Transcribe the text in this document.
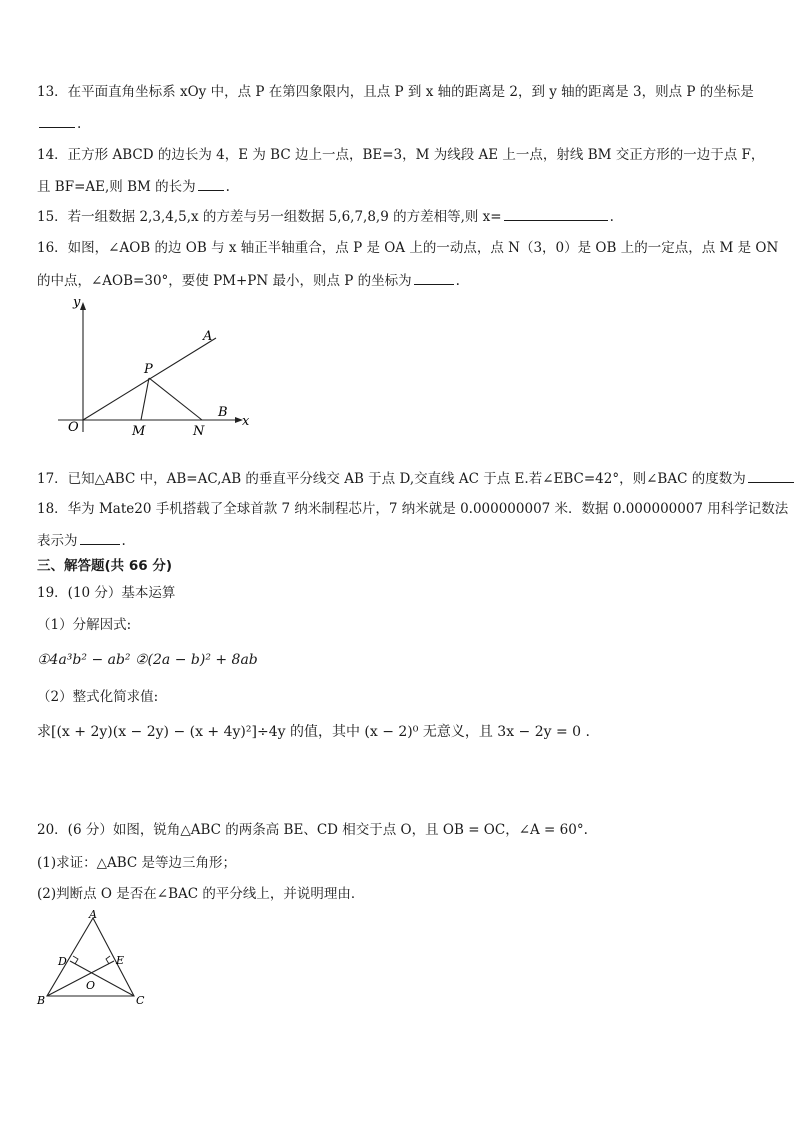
13．在平面直角坐标系 xOy 中，点 P 在第四象限内，且点 P 到 x 轴的距离是 2，到 y 轴的距离是 3，则点 P 的坐标是
.
14．正方形 ABCD 的边长为 4，E 为 BC 边上一点，BE=3，M 为线段 AE 上一点，射线 BM 交正方形的一边于点 F，
且 BF=AE,则 BM 的长为 .
15．若一组数据 2,3,4,5,x 的方差与另一组数据 5,6,7,8,9 的方差相等,则 x=	.
16．如图，∠AOB 的边 OB 与 x 轴正半轴重合，点 P 是 OA 上的一动点，点 N（3，0）是 OB 上的一定点，点 M 是 ON
的中点，∠AOB=30°，要使 PM+PN 最小，则点 P 的坐标为	.
y
x
A
B
P
O	M	N
17．已知△ABC 中，AB=AC,AB 的垂直平分线交 AB 于点 D,交直线 AC 于点 E.若∠EBC=42°，则∠BAC 的度数为
18．华为 Mate20 手机搭载了全球首款 7 纳米制程芯片，7 纳米就是 0.000000007 米．数据 0.000000007 用科学记数法
表示为	.
三、解答题(共 66 分)
19．(10 分）基本运算
（1）分解因式:
①4a³b² − ab² ②(2a − b)² + 8ab
（2）整式化简求值:
求[(x + 2y)(x − 2y) − (x + 4y)²]÷4y 的值，其中 (x − 2)⁰ 无意义，且 3x − 2y = 0 .
20．(6 分）如图，锐角△ABC 的两条高 BE、CD 相交于点 O，且 OB = OC，∠A = 60°.
(1)求证：△ABC 是等边三角形；
(2)判断点 O 是否在∠BAC 的平分线上，并说明理由．
A
B	C
D	E
O
